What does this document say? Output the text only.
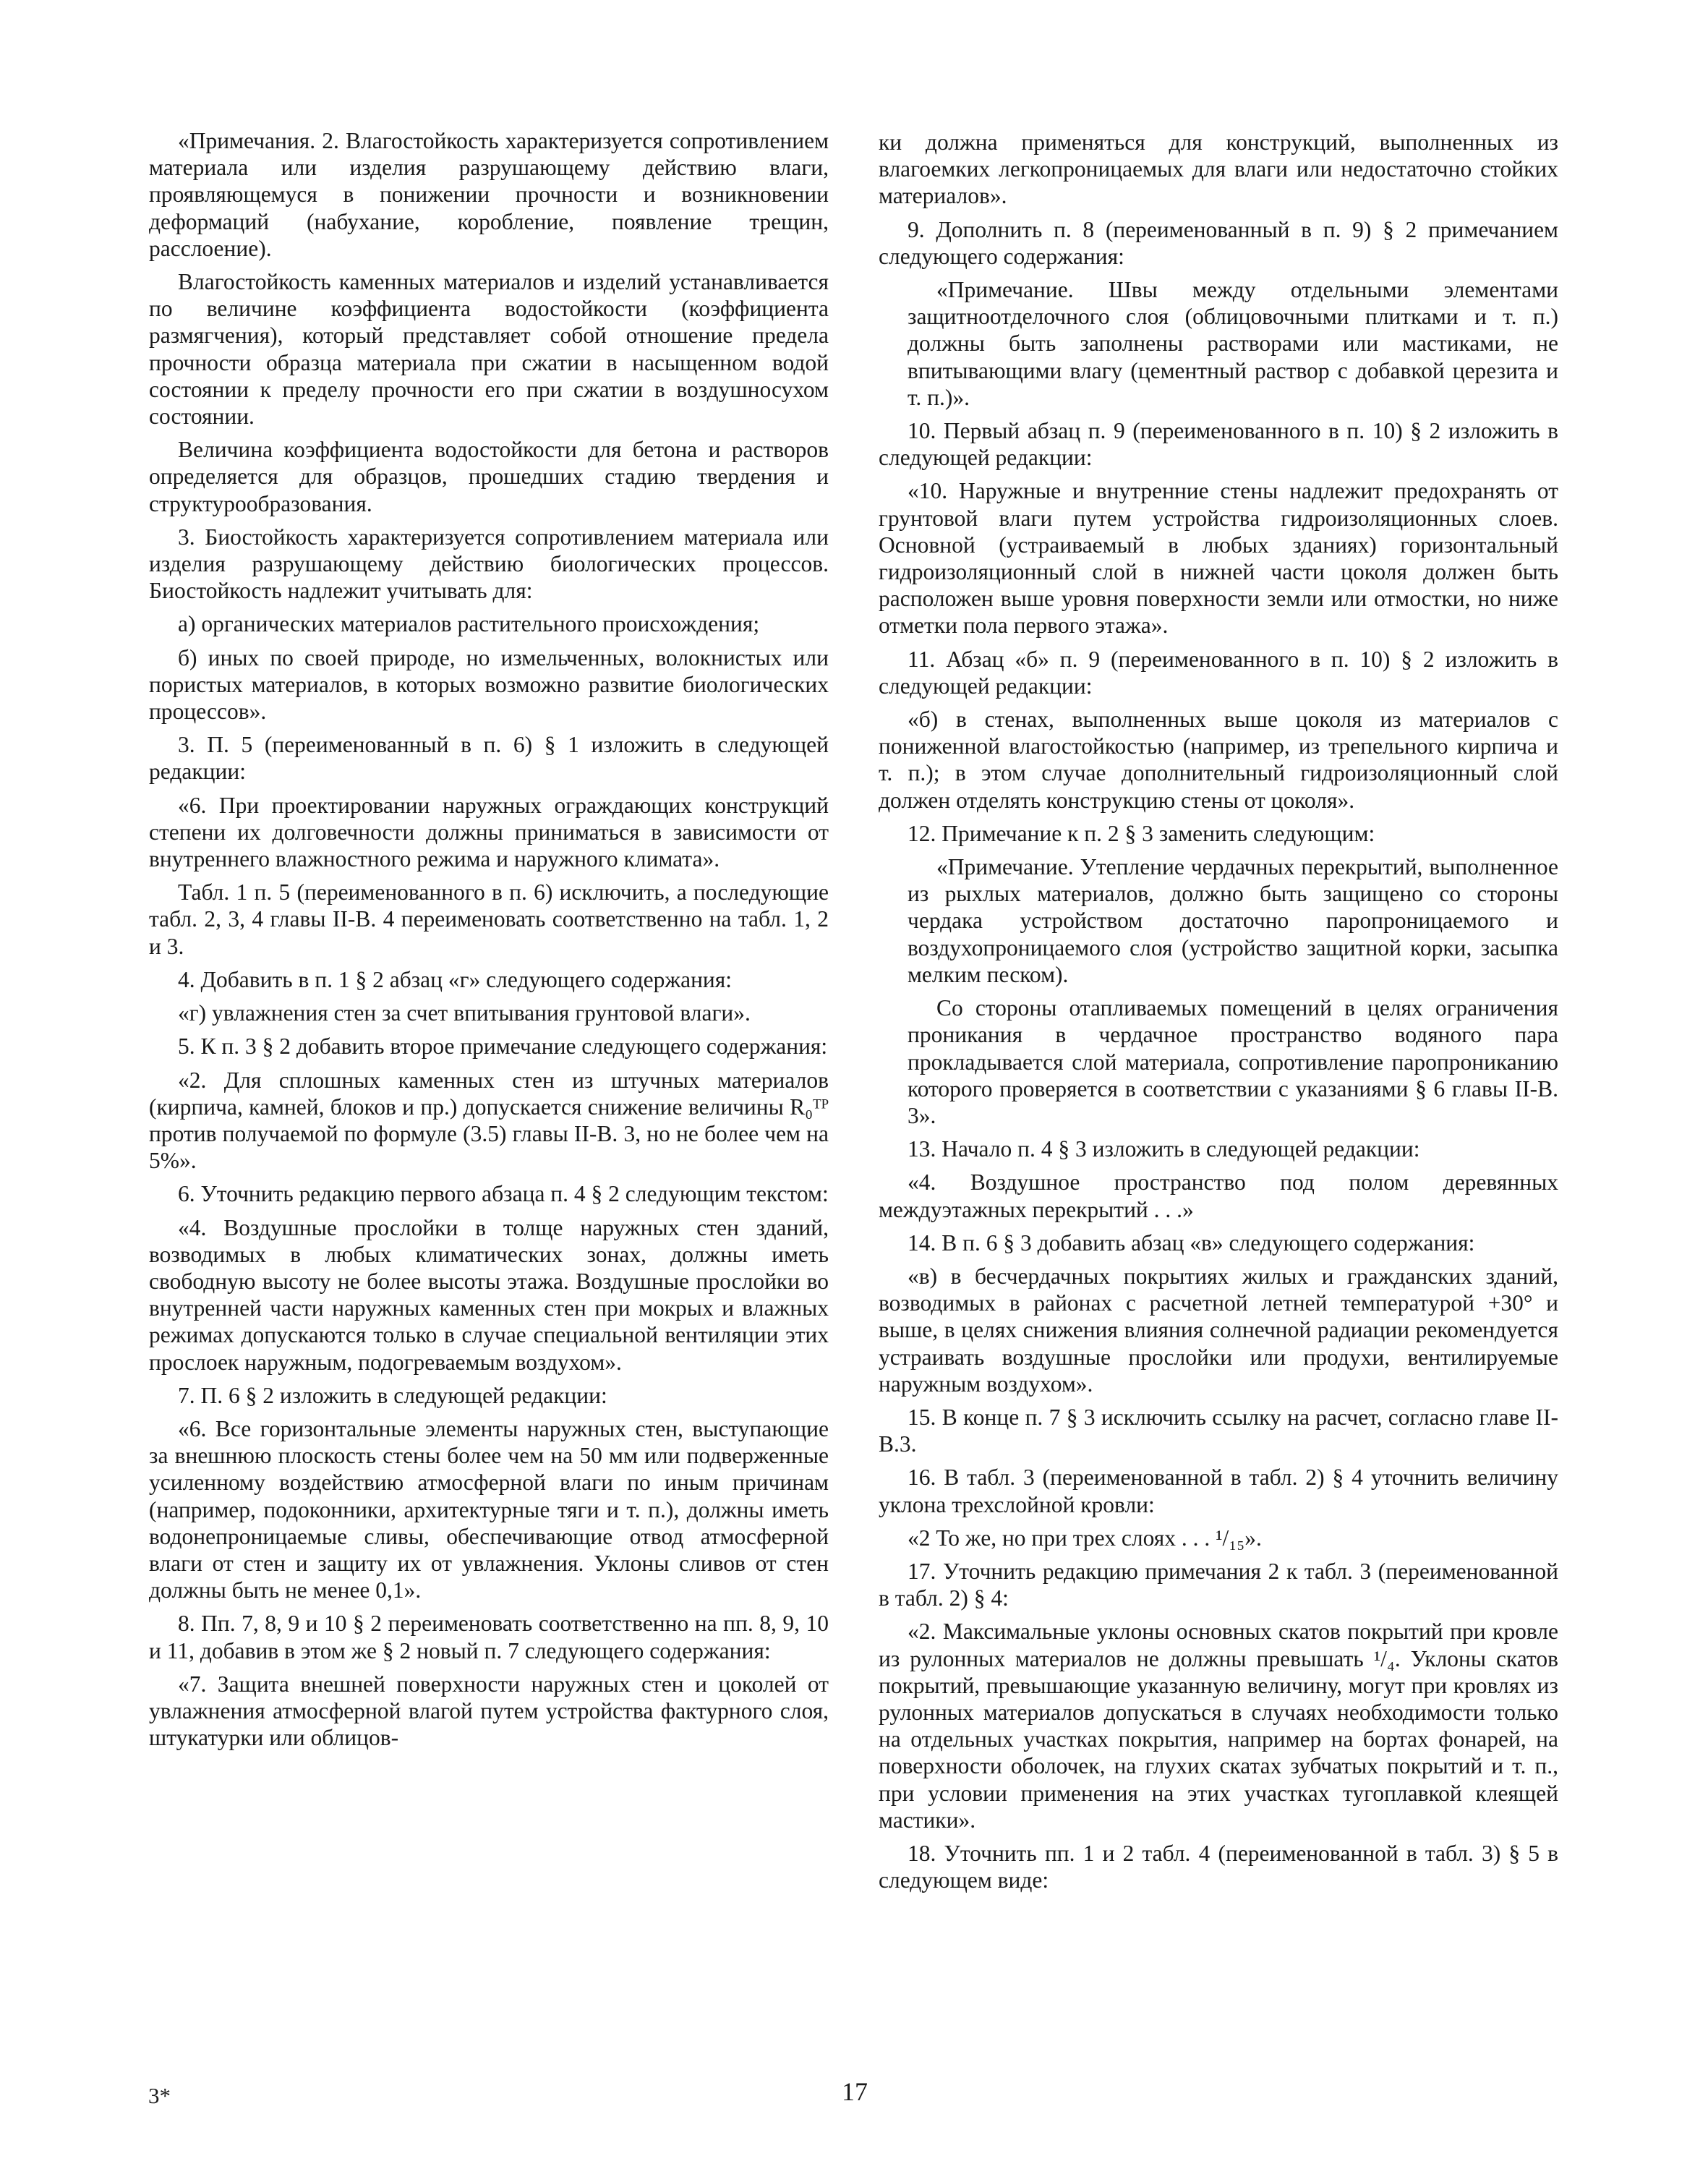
«Примечания. 2. Влагостойкость характеризуется сопротивлением материала или изделия разрушающему действию влаги, проявляющемуся в понижении прочности и возникновении деформаций (набухание, коробление, появление трещин, расслоение).

Влагостойкость каменных материалов и изделий устанавливается по величине коэффициента водостойкости (коэффициента размягчения), который представляет собой отношение предела прочности образца материала при сжатии в насыщенном водой состоянии к пределу прочности его при сжатии в воздушносухом состоянии.

Величина коэффициента водостойкости для бетона и растворов определяется для образцов, прошедших стадию твердения и структурообразования.

3. Биостойкость характеризуется сопротивлением материала или изделия разрушающему действию биологических процессов. Биостойкость надлежит учитывать для:

а) органических материалов растительного происхождения;

б) иных по своей природе, но измельченных, волокнистых или пористых материалов, в которых возможно развитие биологических процессов».

3. П. 5 (переименованный в п. 6) § 1 изложить в следующей редакции:

«6. При проектировании наружных ограждающих конструкций степени их долговечности должны приниматься в зависимости от внутреннего влажностного режима и наружного климата».

Табл. 1 п. 5 (переименованного в п. 6) исключить, а последующие табл. 2, 3, 4 главы II-В. 4 переименовать соответственно на табл. 1, 2 и 3.

4. Добавить в п. 1 § 2 абзац «г» следующего содержания:

«г) увлажнения стен за счет впитывания грунтовой влаги».

5. К п. 3 § 2 добавить второе примечание следующего содержания:

«2. Для сплошных каменных стен из штучных материалов (кирпича, камней, блоков и пр.) допускается снижение величины R₀ᵀᴾ против получаемой по формуле (3.5) главы II-В. 3, но не более чем на 5%».

6. Уточнить редакцию первого абзаца п. 4 § 2 следующим текстом:

«4. Воздушные прослойки в толще наружных стен зданий, возводимых в любых климатических зонах, должны иметь свободную высоту не более высоты этажа. Воздушные прослойки во внутренней части наружных каменных стен при мокрых и влажных режимах допускаются только в случае специальной вентиляции этих прослоек наружным, подогреваемым воздухом».

7. П. 6 § 2 изложить в следующей редакции:

«6. Все горизонтальные элементы наружных стен, выступающие за внешнюю плоскость стены более чем на 50 мм или подверженные усиленному воздействию атмосферной влаги по иным причинам (например, подоконники, архитектурные тяги и т. п.), должны иметь водонепроницаемые сливы, обеспечивающие отвод атмосферной влаги от стен и защиту их от увлажнения. Уклоны сливов от стен должны быть не менее 0,1».

8. Пп. 7, 8, 9 и 10 § 2 переименовать соответственно на пп. 8, 9, 10 и 11, добавив в этом же § 2 новый п. 7 следующего содержания:

«7. Защита внешней поверхности наружных стен и цоколей от увлажнения атмосферной влагой путем устройства фактурного слоя, штукатурки или облицов-

ки должна применяться для конструкций, выполненных из влагоемких легкопроницаемых для влаги или недостаточно стойких материалов».

9. Дополнить п. 8 (переименованный в п. 9) § 2 примечанием следующего содержания:

«Примечание. Швы между отдельными элементами защитноотделочного слоя (облицовочными плитками и т. п.) должны быть заполнены растворами или мастиками, не впитывающими влагу (цементный раствор с добавкой церезита и т. п.)».

10. Первый абзац п. 9 (переименованного в п. 10) § 2 изложить в следующей редакции:

«10. Наружные и внутренние стены надлежит предохранять от грунтовой влаги путем устройства гидроизоляционных слоев. Основной (устраиваемый в любых зданиях) горизонтальный гидроизоляционный слой в нижней части цоколя должен быть расположен выше уровня поверхности земли или отмостки, но ниже отметки пола первого этажа».

11. Абзац «б» п. 9 (переименованного в п. 10) § 2 изложить в следующей редакции:

«б) в стенах, выполненных выше цоколя из материалов с пониженной влагостойкостью (например, из трепельного кирпича и т. п.); в этом случае дополнительный гидроизоляционный слой должен отделять конструкцию стены от цоколя».

12. Примечание к п. 2 § 3 заменить следующим:

«Примечание. Утепление чердачных перекрытий, выполненное из рыхлых материалов, должно быть защищено со стороны чердака устройством достаточно паропроницаемого и воздухопроницаемого слоя (устройство защитной корки, засыпка мелким песком).

Со стороны отапливаемых помещений в целях ограничения проникания в чердачное пространство водяного пара прокладывается слой материала, сопротивление паропрониканию которого проверяется в соответствии с указаниями § 6 главы II-В. 3».

13. Начало п. 4 § 3 изложить в следующей редакции:

«4. Воздушное пространство под полом деревянных междуэтажных перекрытий . . .»

14. В п. 6 § 3 добавить абзац «в» следующего содержания:

«в) в бесчердачных покрытиях жилых и гражданских зданий, возводимых в районах с расчетной летней температурой +30° и выше, в целях снижения влияния солнечной радиации рекомендуется устраивать воздушные прослойки или продухи, вентилируемые наружным воздухом».

15. В конце п. 7 § 3 исключить ссылку на расчет, согласно главе II-В.3.

16. В табл. 3 (переименованной в табл. 2) § 4 уточнить величину уклона трехслойной кровли:

«2 То же, но при трех слоях . . . ¹/₁₅».

17. Уточнить редакцию примечания 2 к табл. 3 (переименованной в табл. 2) § 4:

«2. Максимальные уклоны основных скатов покрытий при кровле из рулонных материалов не должны превышать ¹/₄. Уклоны скатов покрытий, превышающие указанную величину, могут при кровлях из рулонных материалов допускаться в случаях необходимости только на отдельных участках покрытия, например на бортах фонарей, на поверхности оболочек, на глухих скатах зубчатых покрытий и т. п., при условии применения на этих участках тугоплавкой клеящей мастики».

18. Уточнить пп. 1 и 2 табл. 4 (переименованной в табл. 3) § 5 в следующем виде:

3*	17
